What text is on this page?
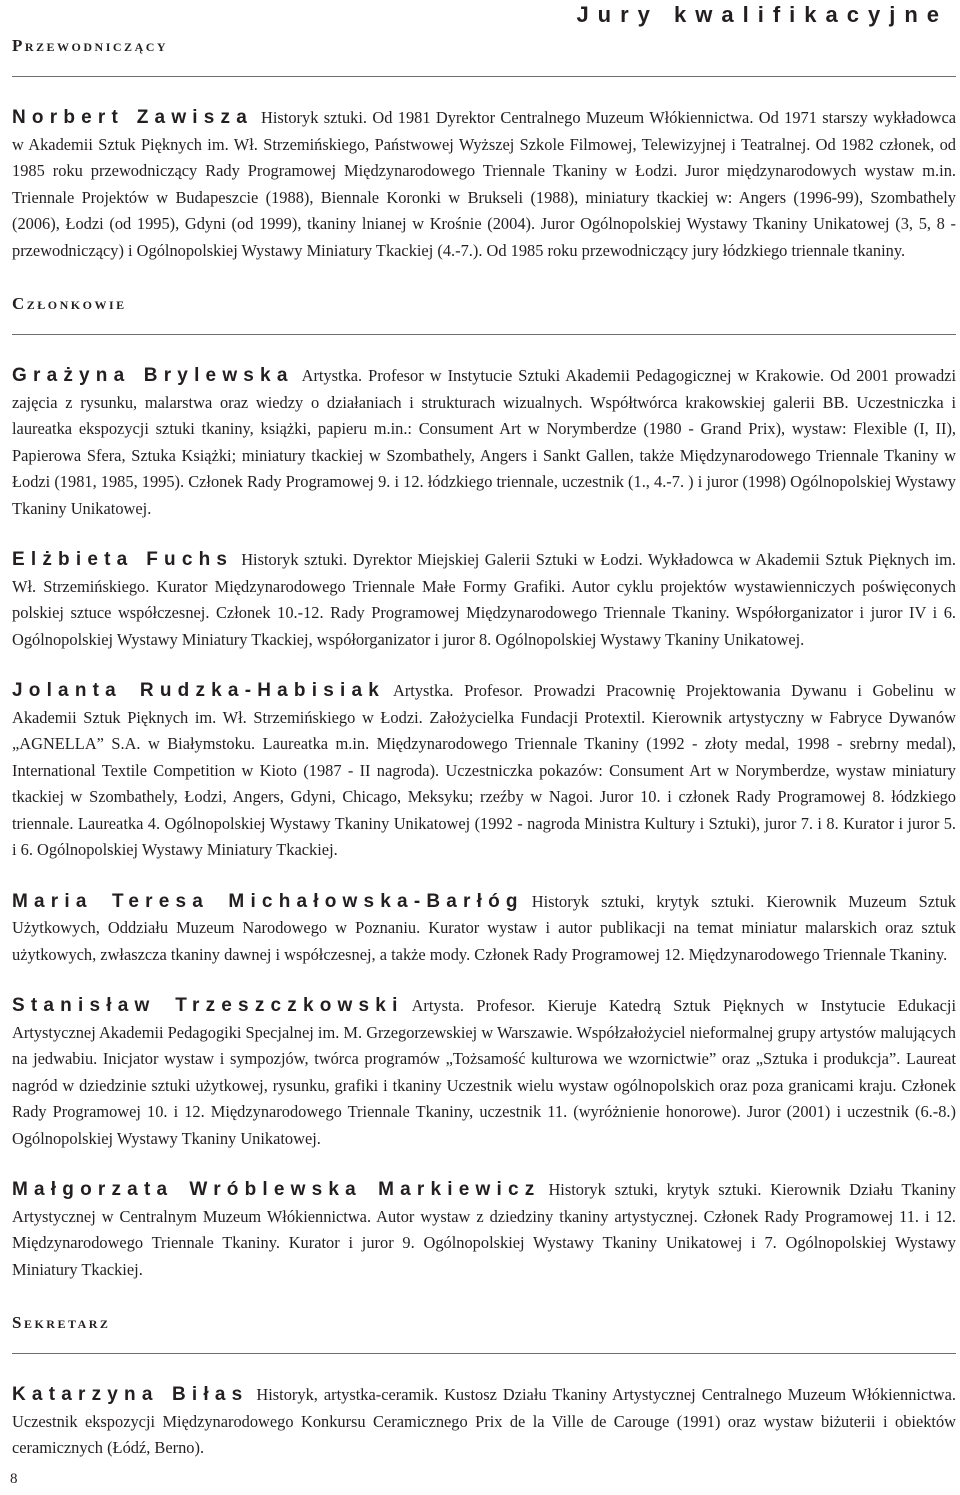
Jury kwalifikacyjne
Przewodniczący

Norbert Zawisza Historyk sztuki. Od 1981 Dyrektor Centralnego Muzeum Włókiennictwa. Od 1971 starszy wykładowca w Akademii Sztuk Pięknych im. Wł. Strzemińskiego, Państwowej Wyższej Szkole Filmowej, Telewizyjnej i Teatralnej. Od 1982 członek, od 1985 roku przewodniczący Rady Programowej Międzynarodowego Triennale Tkaniny w Łodzi. Juror międzynarodowych wystaw m.in. Triennale Projektów w Budapeszcie (1988), Biennale Koronki w Brukseli (1988), miniatury tkackiej w: Angers (1996-99), Szombathely (2006), Łodzi (od 1995), Gdyni (od 1999), tkaniny lnianej w Krośnie (2004). Juror Ogólnopolskiej Wystawy Tkaniny Unikatowej (3, 5, 8 - przewodniczący) i Ogólnopolskiej Wystawy Miniatury Tkackiej (4.-7.). Od 1985 roku przewodniczący jury łódzkiego triennale tkaniny.

Członkowie

Grażyna Brylewska Artystka. Profesor w Instytucie Sztuki Akademii Pedagogicznej w Krakowie. Od 2001 prowadzi zajęcia z rysunku, malarstwa oraz wiedzy o działaniach i strukturach wizualnych. Współtwórca krakowskiej galerii BB. Uczestniczka i laureatka ekspozycji sztuki tkaniny, książki, papieru m.in.: Consument Art w Norymberdze (1980 - Grand Prix), wystaw: Flexible (I, II), Papierowa Sfera, Sztuka Książki; miniatury tkackiej w Szombathely, Angers i Sankt Gallen, także Międzynarodowego Triennale Tkaniny w Łodzi (1981, 1985, 1995). Członek Rady Programowej 9. i 12. łódzkiego triennale, uczestnik (1., 4.-7. ) i juror (1998) Ogólnopolskiej Wystawy Tkaniny Unikatowej.

Elżbieta Fuchs Historyk sztuki. Dyrektor Miejskiej Galerii Sztuki w Łodzi. Wykładowca w Akademii Sztuk Pięknych im. Wł. Strzemińskiego. Kurator Międzynarodowego Triennale Małe Formy Grafiki. Autor cyklu projektów wystawienniczych poświęconych polskiej sztuce współczesnej. Członek 10.-12. Rady Programowej Międzynarodowego Triennale Tkaniny. Współorganizator i juror IV i 6. Ogólnopolskiej Wystawy Miniatury Tkackiej, współorganizator i juror 8. Ogólnopolskiej Wystawy Tkaniny Unikatowej.

Jolanta Rudzka-Habisiak Artystka. Profesor. Prowadzi Pracownię Projektowania Dywanu i Gobelinu w Akademii Sztuk Pięknych im. Wł. Strzemińskiego w Łodzi. Założycielka Fundacji Protextil. Kierownik artystyczny w Fabryce Dywanów „AGNELLA” S.A. w Białymstoku. Laureatka m.in. Międzynarodowego Triennale Tkaniny (1992 - złoty medal, 1998 - srebrny medal), International Textile Competition w Kioto (1987 - II nagroda). Uczestniczka pokazów: Consument Art w Norymberdze, wystaw miniatury tkackiej w Szombathely, Łodzi, Angers, Gdyni, Chicago, Meksyku; rzeźby w Nagoi. Juror 10. i członek Rady Programowej 8. łódzkiego triennale. Laureatka 4. Ogólnopolskiej Wystawy Tkaniny Unikatowej (1992 - nagroda Ministra Kultury i Sztuki), juror 7. i 8. Kurator i juror 5. i 6. Ogólnopolskiej Wystawy Miniatury Tkackiej.

Maria Teresa Michałowska-Barłóg Historyk sztuki, krytyk sztuki. Kierownik Muzeum Sztuk Użytkowych, Oddziału Muzeum Narodowego w Poznaniu. Kurator wystaw i autor publikacji na temat miniatur malarskich oraz sztuk użytkowych, zwłaszcza tkaniny dawnej i współczesnej, a także mody. Członek Rady Programowej 12. Międzynarodowego Triennale Tkaniny.

Stanisław Trzeszczkowski Artysta. Profesor. Kieruje Katedrą Sztuk Pięknych w Instytucie Edukacji Artystycznej Akademii Pedagogiki Specjalnej im. M. Grzegorzewskiej w Warszawie. Współzałożyciel nieformalnej grupy artystów malujących na jedwabiu. Inicjator wystaw i sympozjów, twórca programów „Tożsamość kulturowa we wzornictwie” oraz „Sztuka i produkcja”. Laureat nagród w dziedzinie sztuki użytkowej, rysunku, grafiki i tkaniny Uczestnik wielu wystaw ogólnopolskich oraz poza granicami kraju. Członek Rady Programowej 10. i 12. Międzynarodowego Triennale Tkaniny, uczestnik 11. (wyróżnienie honorowe). Juror (2001) i uczestnik (6.-8.) Ogólnopolskiej Wystawy Tkaniny Unikatowej.

Małgorzata Wróblewska Markiewicz Historyk sztuki, krytyk sztuki. Kierownik Działu Tkaniny Artystycznej w Centralnym Muzeum Włókiennictwa. Autor wystaw z dziedziny tkaniny artystycznej. Członek Rady Programowej 11. i 12. Międzynarodowego Triennale Tkaniny. Kurator i juror 9. Ogólnopolskiej Wystawy Tkaniny Unikatowej i 7. Ogólnopolskiej Wystawy Miniatury Tkackiej.

Sekretarz

Katarzyna Biłas Historyk, artystka-ceramik. Kustosz Działu Tkaniny Artystycznej Centralnego Muzeum Włókiennictwa. Uczestnik ekspozycji Międzynarodowego Konkursu Ceramicznego Prix de la Ville de Carouge (1991) oraz wystaw biżuterii i obiektów ceramicznych (Łódź, Berno).

8
